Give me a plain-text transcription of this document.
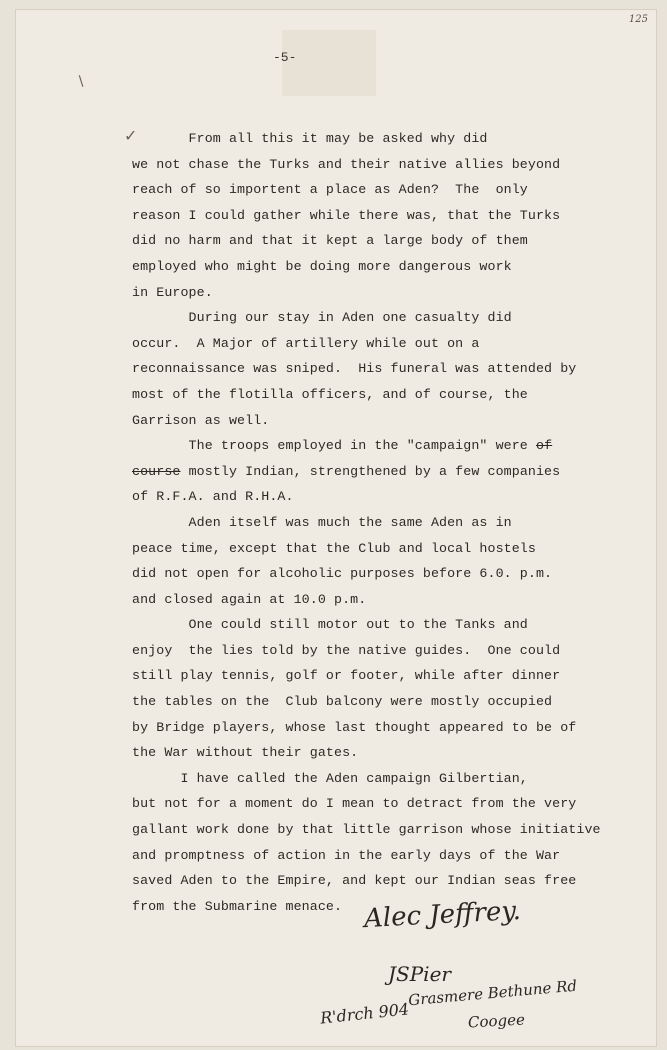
125
-5-
∖
✓
From all this it may be asked why did
we not chase the Turks and their native allies beyond
reach of so importent a place as Aden?  The  only
reason I could gather while there was, that the Turks
did no harm and that it kept a large body of them
employed who might be doing more dangerous work
in Europe.
During our stay in Aden one casualty did
occur.  A Major of artillery while out on a
reconnaissance was sniped.  His funeral was attended by
most of the flotilla officers, and of course, the
Garrison as well.
The troops employed in the "campaign" were of
course mostly Indian, strengthened by a few companies
of R.F.A. and R.H.A.
Aden itself was much the same Aden as in
peace time, except that the Club and local hostels
did not open for alcoholic purposes before 6.0. p.m.
and closed again at 10.0 p.m.
One could still motor out to the Tanks and
enjoy  the lies told by the native guides.  One could
still play tennis, golf or footer, while after dinner
the tables on the  Club balcony were mostly occupied
by Bridge players, whose last thought appeared to be of
the War without their gates.
I have called the Aden campaign Gilbertian,
but not for a moment do I mean to detract from the very
gallant work done by that little garrison whose initiative
and promptness of action in the early days of the War
saved Aden to the Empire, and kept our Indian seas free
from the Submarine menace. Alec Jeffrey.
JSPier
Grasmere Bethune Rd
R'drch 904	Coogee
